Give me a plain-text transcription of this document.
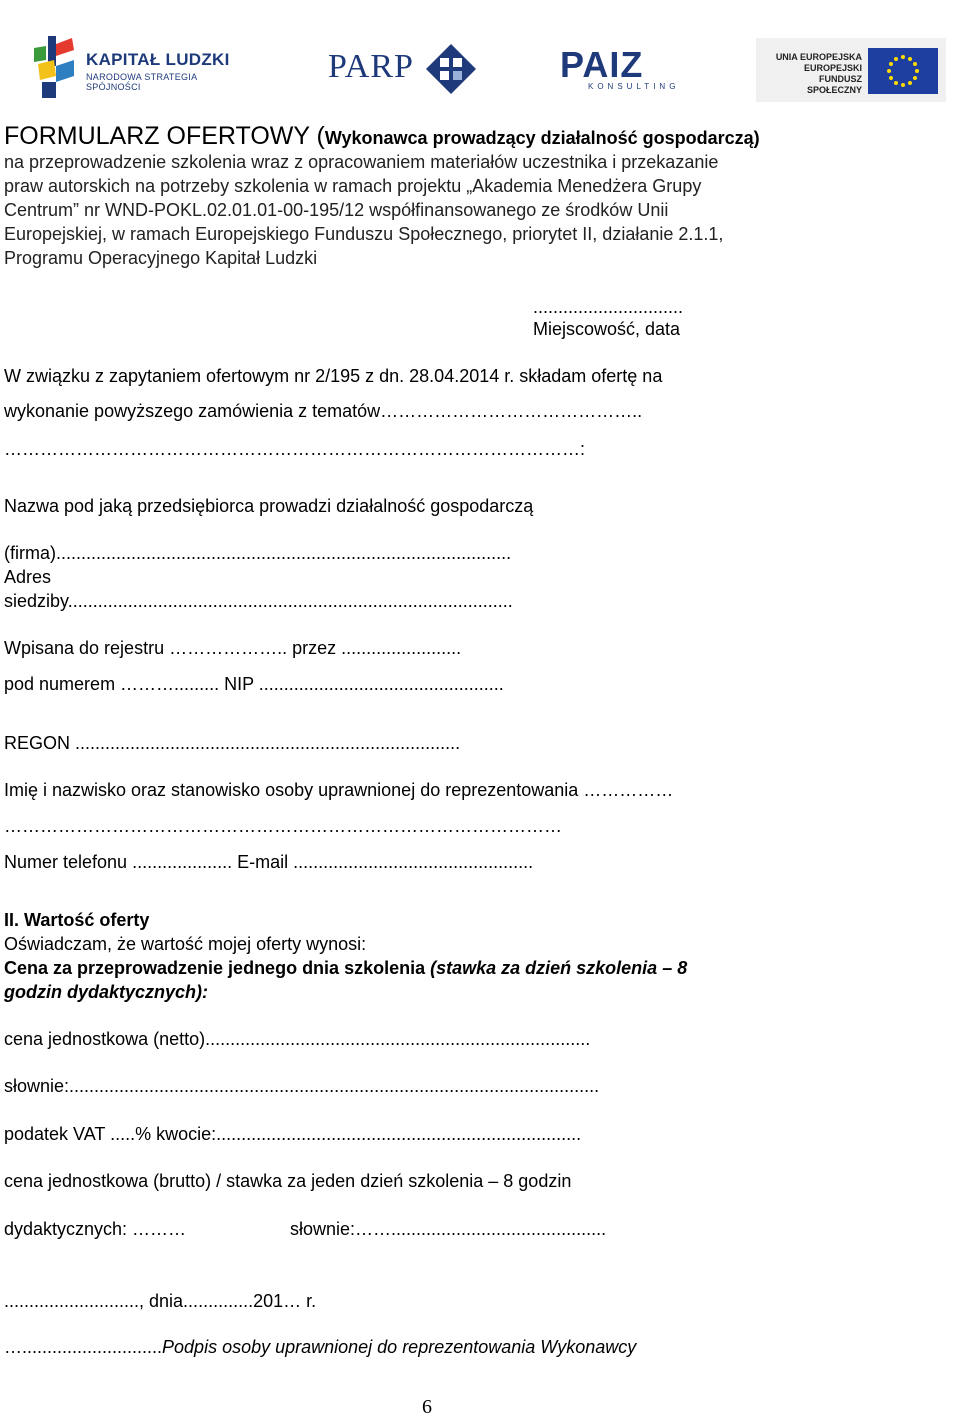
KAPITAŁ LUDZKI
NARODOWA STRATEGIA SPÓJNOŚCI
PARP	PAIZ
KONSULTING
UNIA EUROPEJSKA
EUROPEJSKI
FUNDUSZ SPOŁECZNY
FORMULARZ OFERTOWY (Wykonawca prowadzący działalność gospodarczą)
na przeprowadzenie szkolenia wraz z opracowaniem materiałów uczestnika i przekazanie
praw autorskich na potrzeby szkolenia w ramach projektu „Akademia Menedżera Grupy
Centrum” nr WND-POKL.02.01.01-00-195/12 współfinansowanego ze środków Unii
Europejskiej, w ramach Europejskiego Funduszu Społecznego, priorytet II, działanie 2.1.1,
Programu Operacyjnego Kapitał Ludzki
..............................
Miejscowość, data
W związku z zapytaniem ofertowym nr 2/195 z dn. 28.04.2014 r. składam ofertę na
wykonanie powyższego zamówienia z tematów……………………………………..
……………………………………………………………………………………:
Nazwa pod jaką przedsiębiorca prowadzi działalność gospodarczą
(firma)...........................................................................................
Adres
siedziby.........................................................................................
Wpisana do rejestru ……………….. przez ........................
pod numerem ………......... NIP .................................................
REGON .............................................................................
Imię i nazwisko oraz stanowisko osoby uprawnionej do reprezentowania ……………
…………………………………………………………………………………
Numer telefonu .................... E-mail ................................................
II. Wartość oferty
Oświadczam, że wartość mojej oferty wynosi:
Cena za przeprowadzenie jednego dnia szkolenia (stawka za dzień szkolenia – 8
godzin dydaktycznych):
cena jednostkowa (netto).............................................................................
słownie:..........................................................................................................
podatek VAT .....% kwocie:.........................................................................
cena jednostkowa (brutto) / stawka za jeden dzień szkolenia – 8 godzin
dydaktycznych: ………	słownie:……...........................................
..........................., dnia..............201… r.
…............................Podpis osoby uprawnionej do reprezentowania Wykonawcy
6
